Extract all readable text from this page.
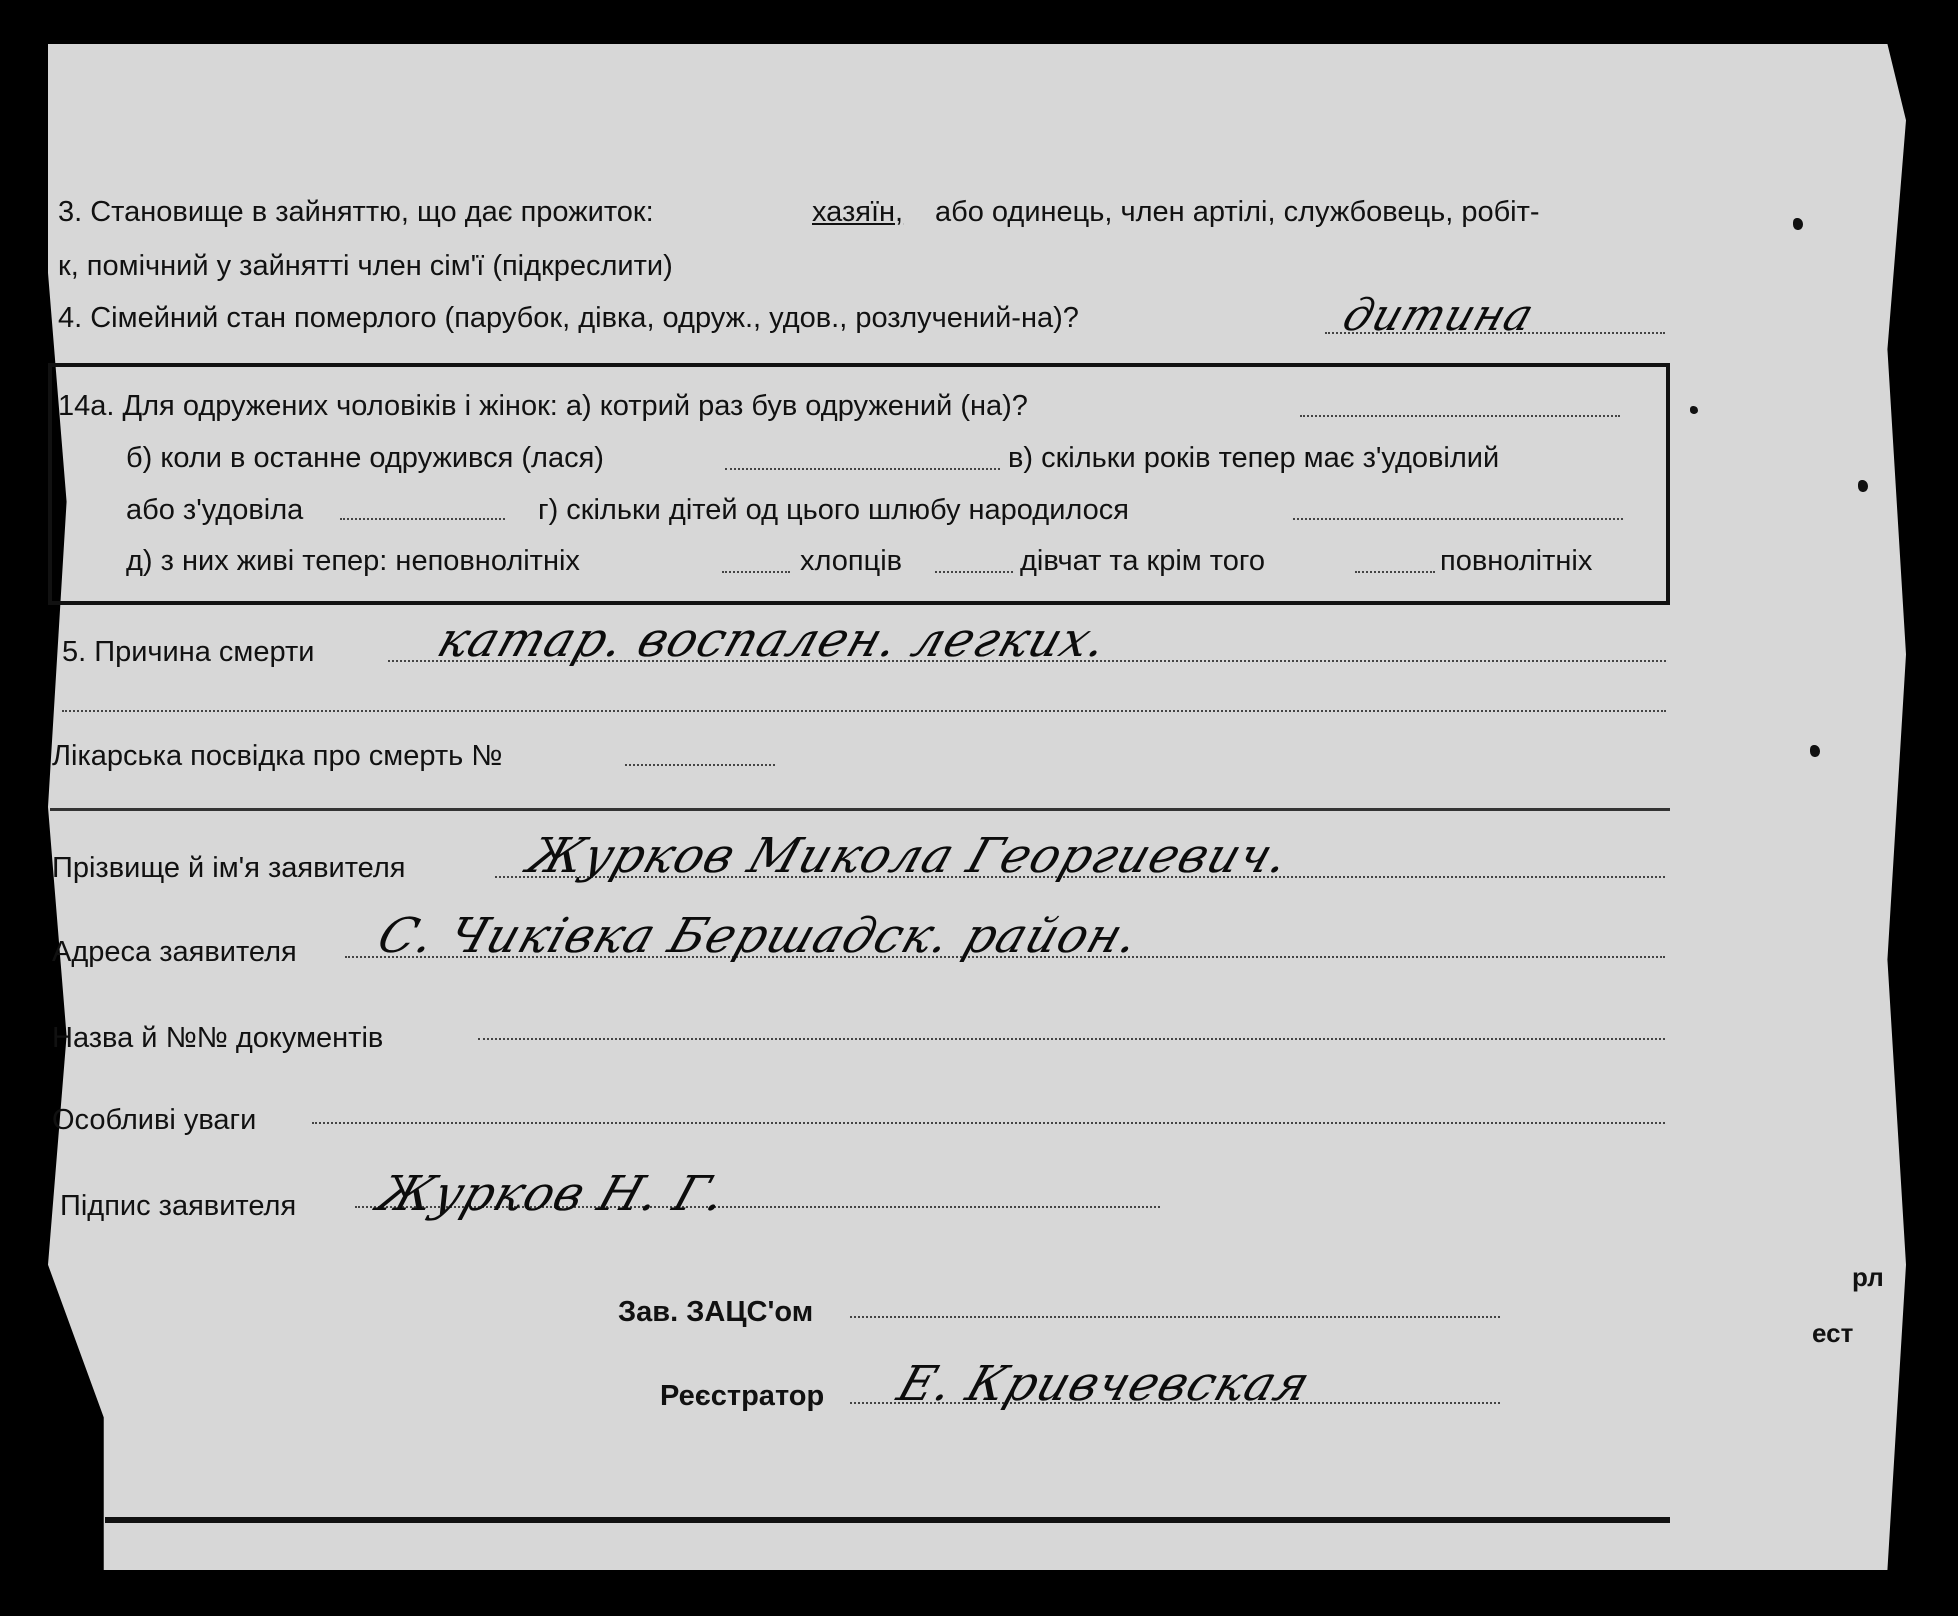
3. Становище в зайняттю, що дає прожиток:	хазяїн, або одинець, член артілі, службовець, робіт-
к, помічний у зайнятті член сім'ї (підкреслити)
4. Сімейний стан померлого (парубок, дівка, одруж., удов., розлучений-на)?	дитина
14а. Для одружених чоловіків і жінок: а) котрий раз був одружений (на)?
б) коли в останне одружився (лася)	в) скільки років тепер має з'удовілий
або з'удовіла	г) скільки дітей од цього шлюбу народилося
д) з них живі тепер: неповнолітніх	хлопців	дівчат та крім того	повнолітніх
5. Причина смерти катар. воспален. легких.
Лікарська посвідка про смерть №
Прізвище й ім'я заявителя Журков Микола Георгиевич.
Адреса заявителя С. Чиківка Бершадск. район.
Назва й №№ документів
Особливі уваги
Підпис заявителя Журков Н. Г.
Зав. ЗАЦС'ом
Реєстратор Е. Кривчевская
рл
ест
